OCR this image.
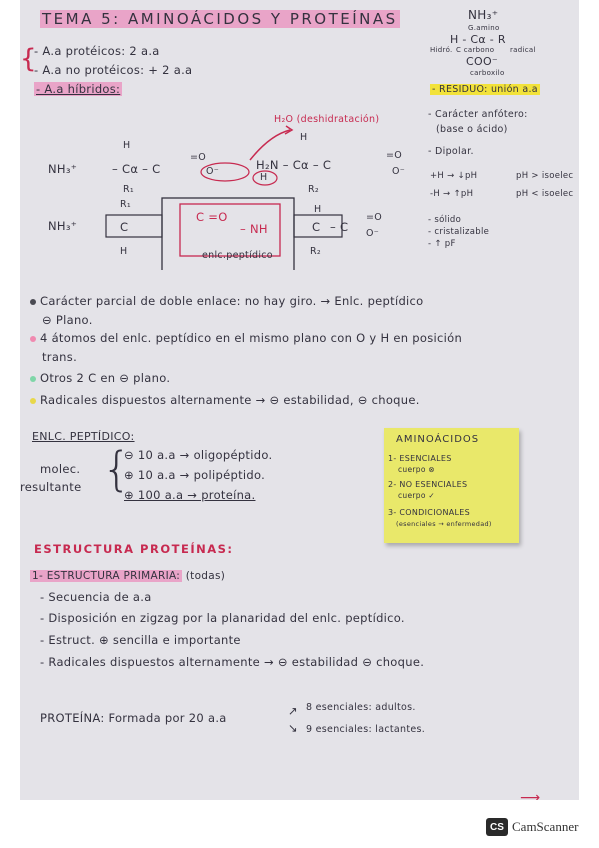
TEMA 5: AMINOÁCIDOS Y PROTEÍNAS	NH₃⁺
G.amino
H - Cα - R
Hidró. C carbono radical
COO⁻
carboxilo
{
- A.a protéicos: 2 a.a
- A.a no protéicos: + 2 a.a
- A.a híbridos:	- RESIDUO: unión a.a
- Carácter anfótero:
(base o ácido)
- Dipolar.
+H → ↓pH	pH > isoelec
-H → ↑pH	pH < isoelec
- sólido
- cristalizable
- ↑ pF
H₂O (deshidratación)
H
H
NH₃⁺	– Cα – C
=O
O⁻
R₁
H
H₂N – Cα – C
=O
O⁻
R₂
NH₃⁺	C
R₁
H
C =O
– NH	C
R₂
H
– C
=O
O⁻
enlc.peptídico
Carácter parcial de doble enlace: no hay giro. → Enlc. peptídico
⊖ Plano.
4 átomos del enlc. peptídico en el mismo plano con O y H en posición
trans.
Otros 2 C en ⊖ plano.
Radicales dispuestos alternamente → ⊖ estabilidad, ⊖ choque.
ENLC. PEPTÍDICO:
molec.
resultante {
⊖ 10 a.a → oligopéptido.
⊕ 10 a.a → polipéptido.
⊕ 100 a.a → proteína.
AMINOÁCIDOS
1- ESENCIALES
cuerpo ⊗
2- NO ESENCIALES
cuerpo ✓
3- CONDICIONALES
(esenciales → enfermedad)
ESTRUCTURA PROTEÍNAS:
1- ESTRUCTURA PRIMARIA: (todas)
- Secuencia de a.a
- Disposición en zigzag por la planaridad del enlc. peptídico.
- Estruct. ⊕ sencilla e importante
- Radicales dispuestos alternamente → ⊖ estabilidad ⊖ choque.
PROTEÍNA: Formada por 20 a.a	↗
↘
8 esenciales: adultos.
9 esenciales: lactantes.
⟶
CS CamScanner
